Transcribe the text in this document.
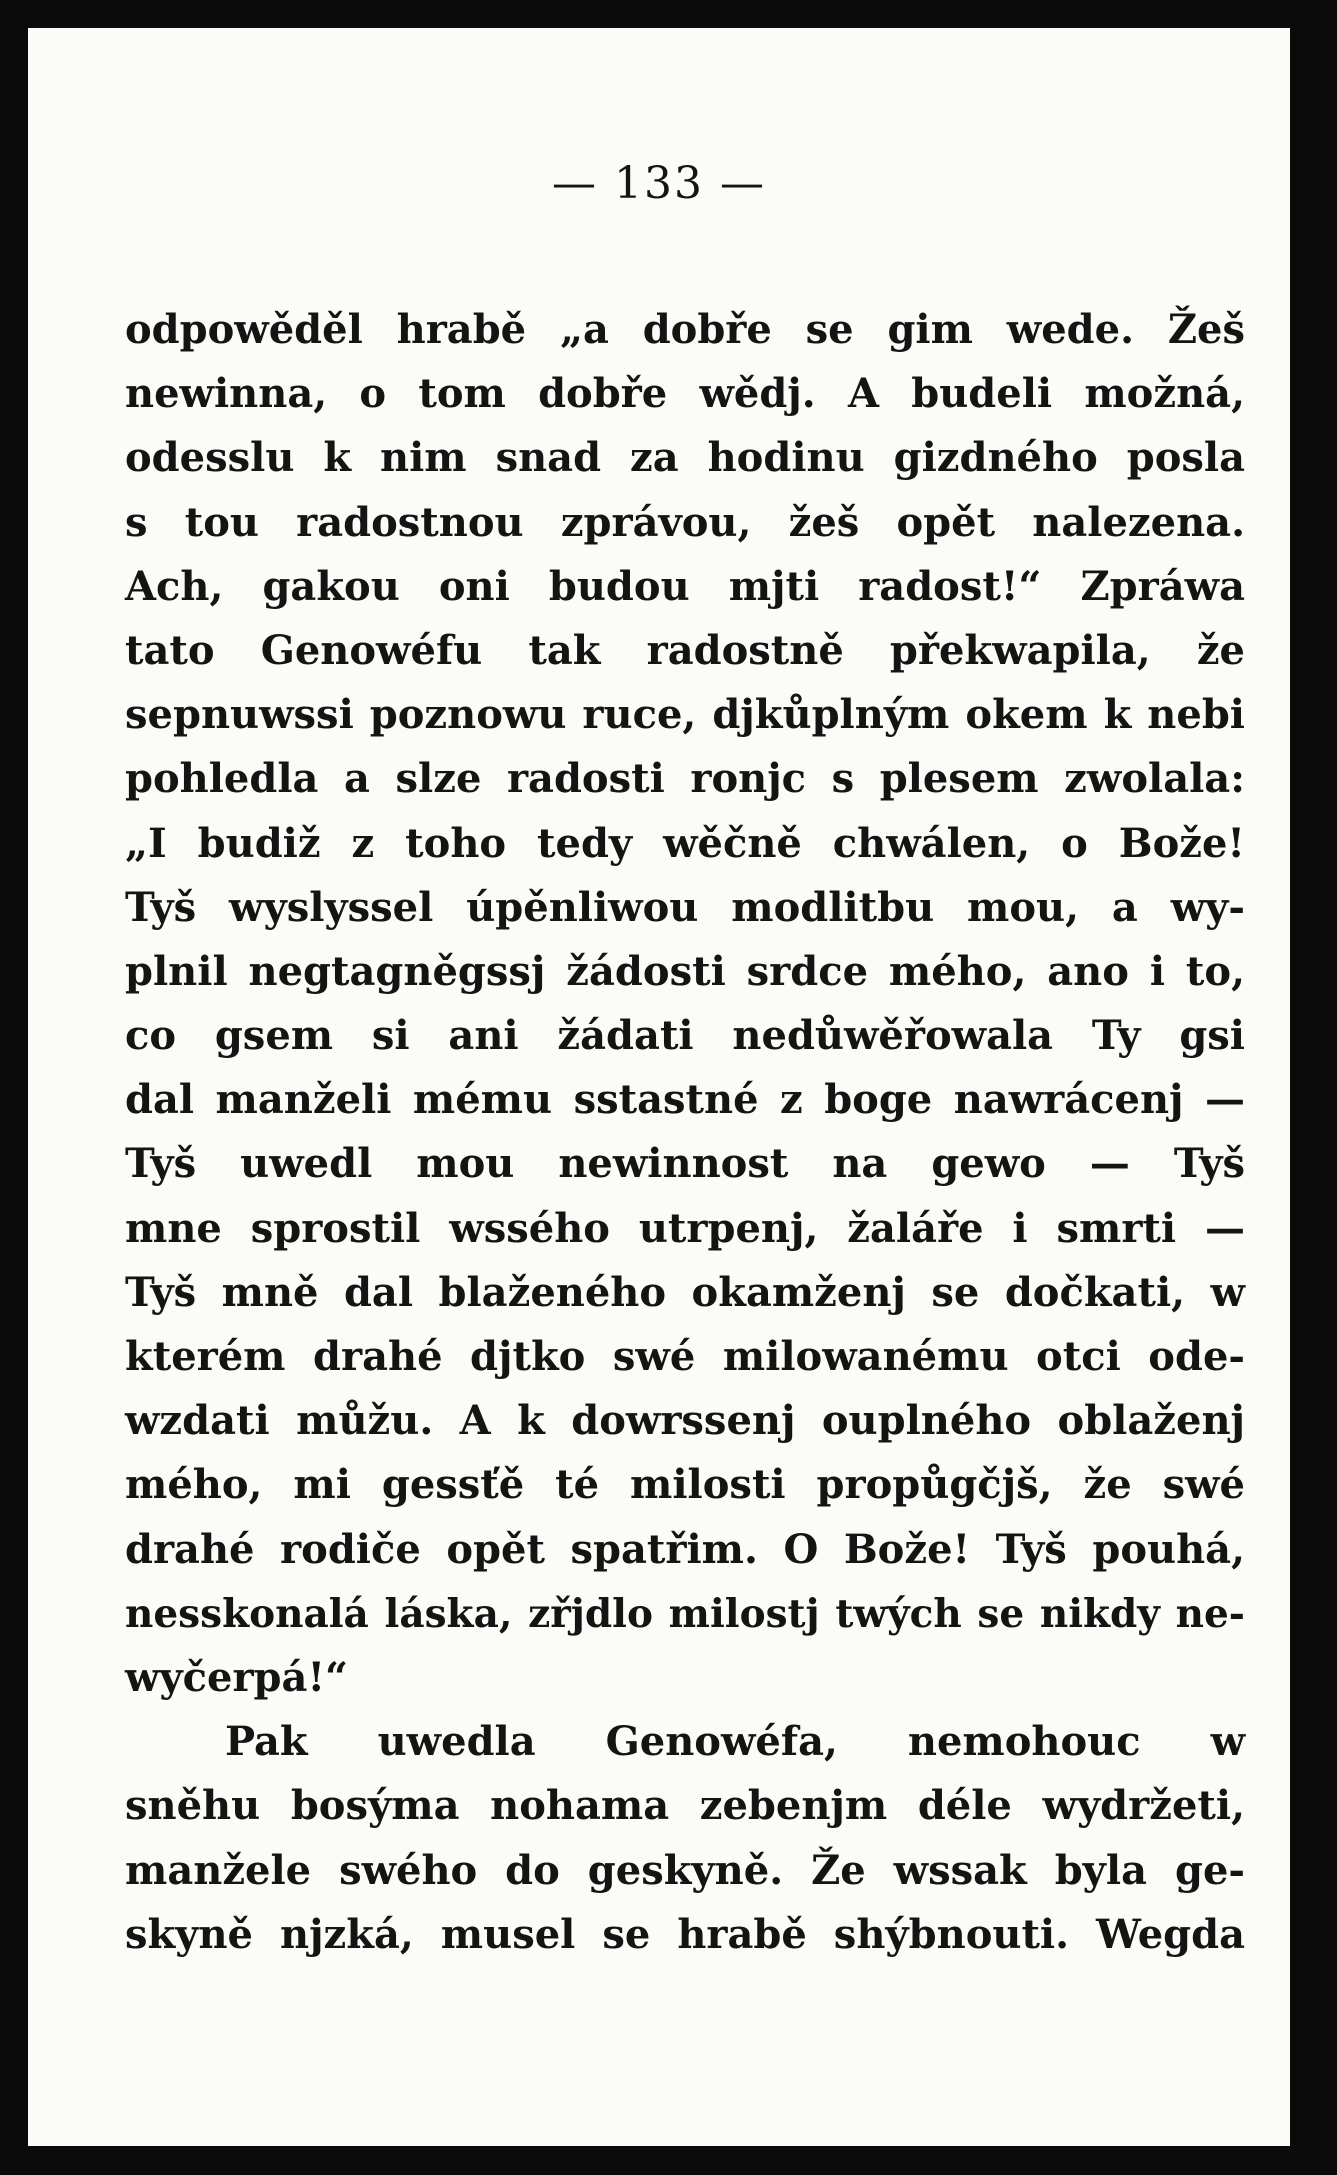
— 133 —
odpowěděl hrabě „a dobře se gim wede. Žeš
newinna, o tom dobře wědj. A budeli možná,
odesslu k nim snad za hodinu gizdného posla
s tou radostnou zprávou, žeš opět nalezena.
Ach, gakou oni budou mjti radost!“ Zpráwa
tato Genowéfu tak radostně překwapila, že
sepnuwssi poznowu ruce, djkůplným okem k nebi
pohledla a slze radosti ronjc s plesem zwolala:
„I budiž z toho tedy wěčně chwálen, o Bože!
Tyš wyslyssel úpěnliwou modlitbu mou, a wy-
plnil negtagněgssj žádosti srdce mého, ano i to,
co gsem si ani žádati nedůwěřowala Ty gsi
dal manželi mému sstastné z boge nawrácenj —
Tyš uwedl mou newinnost na gewo — Tyš
mne sprostil wssého utrpenj, žaláře i smrti —
Tyš mně dal blaženého okamženj se dočkati, w
kterém drahé djtko swé milowanému otci ode-
wzdati můžu. A k dowrssenj ouplného oblaženj
mého, mi gessťě té milosti propůgčjš, že swé
drahé rodiče opět spatřim. O Bože! Tyš pouhá,
nesskonalá láska, zřjdlo milostj twých se nikdy ne-
wyčerpá!“
Pak uwedla Genowéfa, nemohouc w
sněhu bosýma nohama zebenjm déle wydržeti,
manžele swého do geskyně. Že wssak byla ge-
skyně njzká, musel se hrabě shýbnouti. Wegda
